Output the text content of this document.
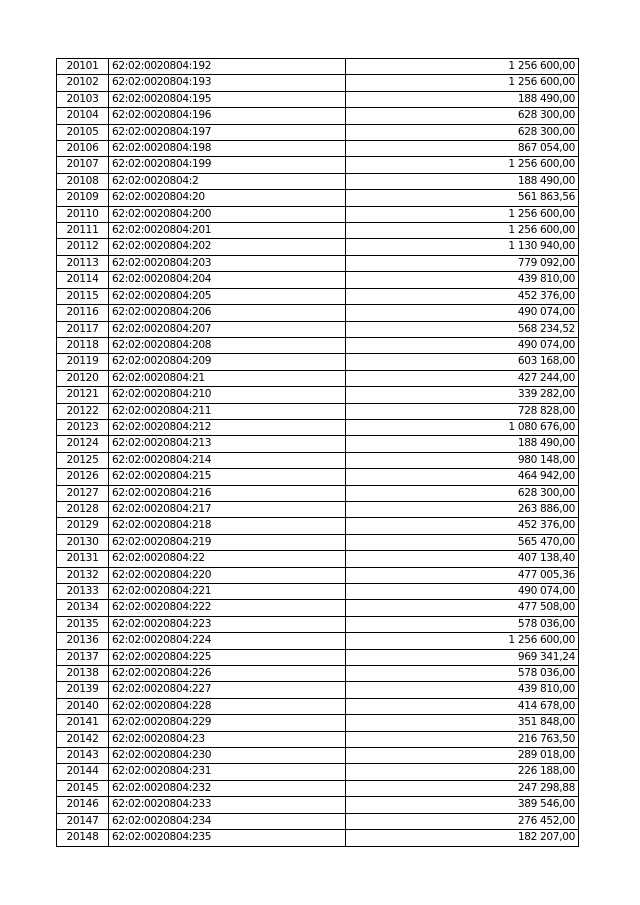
20101	62:02:0020804:192	1 256 600,00
20102	62:02:0020804:193	1 256 600,00
20103	62:02:0020804:195	188 490,00
20104	62:02:0020804:196	628 300,00
20105	62:02:0020804:197	628 300,00
20106	62:02:0020804:198	867 054,00
20107	62:02:0020804:199	1 256 600,00
20108	62:02:0020804:2	188 490,00
20109	62:02:0020804:20	561 863,56
20110	62:02:0020804:200	1 256 600,00
20111	62:02:0020804:201	1 256 600,00
20112	62:02:0020804:202	1 130 940,00
20113	62:02:0020804:203	779 092,00
20114	62:02:0020804:204	439 810,00
20115	62:02:0020804:205	452 376,00
20116	62:02:0020804:206	490 074,00
20117	62:02:0020804:207	568 234,52
20118	62:02:0020804:208	490 074,00
20119	62:02:0020804:209	603 168,00
20120	62:02:0020804:21	427 244,00
20121	62:02:0020804:210	339 282,00
20122	62:02:0020804:211	728 828,00
20123	62:02:0020804:212	1 080 676,00
20124	62:02:0020804:213	188 490,00
20125	62:02:0020804:214	980 148,00
20126	62:02:0020804:215	464 942,00
20127	62:02:0020804:216	628 300,00
20128	62:02:0020804:217	263 886,00
20129	62:02:0020804:218	452 376,00
20130	62:02:0020804:219	565 470,00
20131	62:02:0020804:22	407 138,40
20132	62:02:0020804:220	477 005,36
20133	62:02:0020804:221	490 074,00
20134	62:02:0020804:222	477 508,00
20135	62:02:0020804:223	578 036,00
20136	62:02:0020804:224	1 256 600,00
20137	62:02:0020804:225	969 341,24
20138	62:02:0020804:226	578 036,00
20139	62:02:0020804:227	439 810,00
20140	62:02:0020804:228	414 678,00
20141	62:02:0020804:229	351 848,00
20142	62:02:0020804:23	216 763,50
20143	62:02:0020804:230	289 018,00
20144	62:02:0020804:231	226 188,00
20145	62:02:0020804:232	247 298,88
20146	62:02:0020804:233	389 546,00
20147	62:02:0020804:234	276 452,00
20148	62:02:0020804:235	182 207,00
